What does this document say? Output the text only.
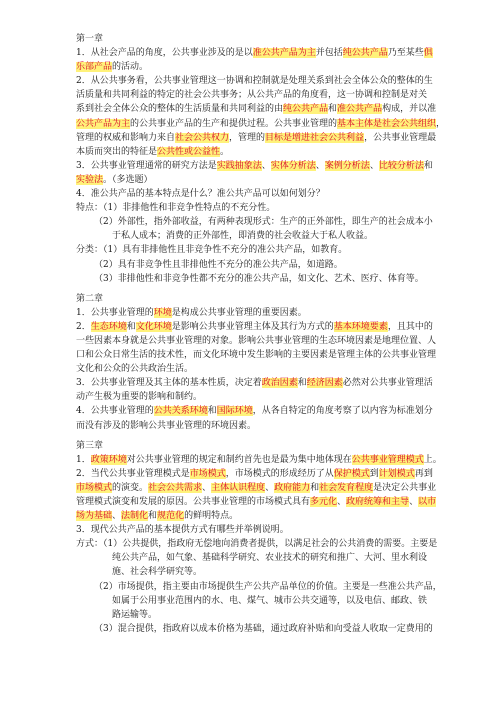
第一章
1．从社会产品的角度，公共事业涉及的是以准公共产品为主并包括纯公共产品乃至某些俱
乐部产品的活动。
2．从公共事务看，公共事业管理这一协调和控制就是处理关系到社会全体公众的整体的生
活质量和共同利益的特定的社会公共事务；从公共产品的角度看，这一协调和控制是对关
系到社会全体公众的整体的生活质量和共同利益的由纯公共产品和准公共产品构成，并以准
公共产品为主的公共事业产品的生产和提供过程。公共事业管理的基本主体是社会公共组织，
管理的权威和影响力来自社会公共权力，管理的目标是增进社会公共利益，公共事业管理最
本质而突出的特征是公共性或公益性。
3．公共事业管理通常的研究方法是实践抽象法、实体分析法、案例分析法、比较分析法和
实验法。（多选题）
4．准公共产品的基本特点是什么？准公共产品可以如何划分？
特点：（1）非排他性和非竞争性特点的不充分性。
（2）外部性，指外部收益，有两种表现形式：生产的正外部性，即生产的社会成本小
于私人成本；消费的正外部性，即消费的社会收益大于私人收益。
分类：（1）具有非排他性且非竞争性不充分的准公共产品，如教育。
（2）具有非竞争性且非排他性不充分的准公共产品，如道路。
（3）非排他性和非竞争性都不充分的准公共产品，如文化、艺术、医疗、体育等。
第二章
1．公共事业管理的环境是构成公共事业管理的重要因素。
2．生态环境和文化环境是影响公共事业管理主体及其行为方式的基本环境要素，且其中的
一些因素本身就是公共事业管理的对象。影响公共事业管理的生态环境因素是地理位置、人
口和公众日常生活的技术性，而文化环境中发生影响的主要因素是管理主体的公共事业管理
文化和公众的公共政治生活。
3．公共事业管理及其主体的基本性质，决定着政治因素和经济因素必然对公共事业管理活
动产生极为重要的影响和制约。
4．公共事业管理的公共关系环境和国际环境，从各自特定的角度考察了以内容为标准划分
而没有涉及的影响公共事业管理的环境因素。
第三章
1．政策环境对公共事业管理的规定和制约首先也是最为集中地体现在公共事业管理模式上。
2．当代公共事业管理模式是市场模式，市场模式的形成经历了从保护模式到计划模式再到
市场模式的演变。社会公共需求、主体认识程度、政府能力和社会发育程度是决定公共事业
管理模式演变和发展的原因。公共事业管理的市场模式具有多元化、政府统筹和主导、以市
场为基础、法制化和规范化的鲜明特点。
3．现代公共产品的基本提供方式有哪些并举例说明。
方式：（1）公共提供，指政府无偿地向消费者提供，以满足社会的公共消费的需要。主要是
纯公共产品，如气象、基础科学研究、农业技术的研究和推广、大河、里水利设
施、社会科学研究等。
（2）市场提供，指主要由市场提供生产公共产品单位的价值。主要是一些准公共产品，
如属于公用事业范围内的水、电、煤气、城市公共交通等，以及电信、邮政、铁
路运输等。
（3）混合提供，指政府以成本价格为基础，通过政府补贴和向受益人收取一定费用的
